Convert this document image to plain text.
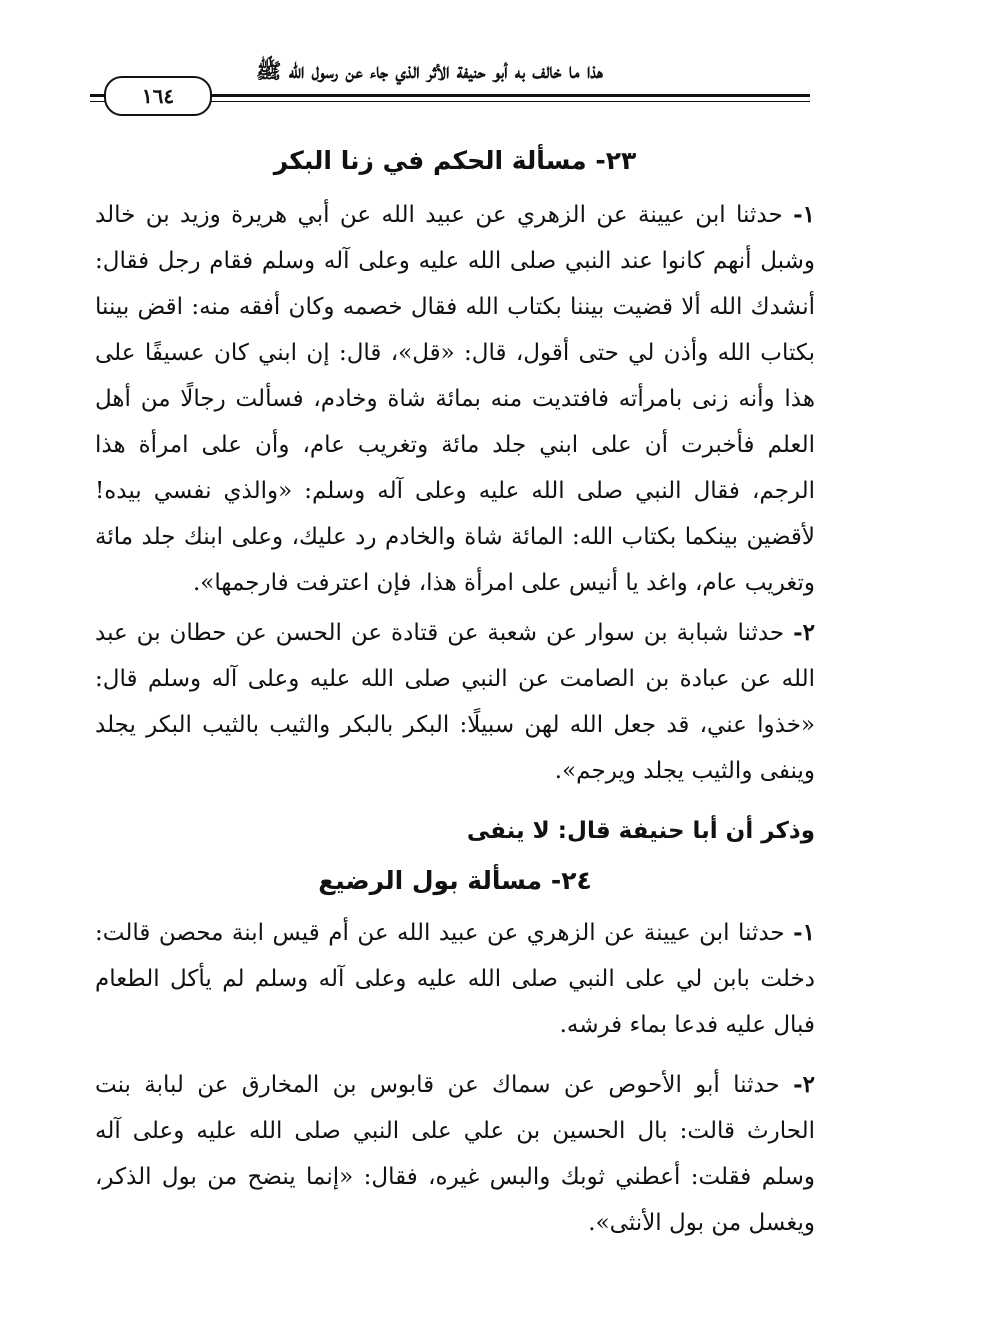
هذا ما خالف به أبو حنيفة الأثر الذي جاء عن رسول الله ﷺ
١٦٤
٢٣- مسألة الحكم في زنا البكر
١- حدثنا ابن عيينة عن الزهري عن عبيد الله عن أبي هريرة وزيد بن خالد وشبل أنهم كانوا عند النبي صلى الله عليه وعلى آله وسلم فقام رجل فقال: أنشدك الله ألا قضيت بيننا بكتاب الله فقال خصمه وكان أفقه منه: اقض بيننا بكتاب الله وأذن لي حتى أقول، قال: «قل»، قال: إن ابني كان عسيفًا على هذا وأنه زنى بامرأته فافتديت منه بمائة شاة وخادم، فسألت رجالًا من أهل العلم فأخبرت أن على ابني جلد مائة وتغريب عام، وأن على امرأة هذا الرجم، فقال النبي صلى الله عليه وعلى آله وسلم: «والذي نفسي بيده! لأقضين بينكما بكتاب الله: المائة شاة والخادم رد عليك، وعلى ابنك جلد مائة وتغريب عام، واغد يا أنيس على امرأة هذا، فإن اعترفت فارجمها».
٢- حدثنا شبابة بن سوار عن شعبة عن قتادة عن الحسن عن حطان بن عبد الله عن عبادة بن الصامت عن النبي صلى الله عليه وعلى آله وسلم قال: «خذوا عني، قد جعل الله لهن سبيلًا: البكر بالبكر والثيب بالثيب البكر يجلد وينفى والثيب يجلد ويرجم».
وذكر أن أبا حنيفة قال: لا ينفى
٢٤- مسألة بول الرضيع
١- حدثنا ابن عيينة عن الزهري عن عبيد الله عن أم قيس ابنة محصن قالت: دخلت بابن لي على النبي صلى الله عليه وعلى آله وسلم لم يأكل الطعام فبال عليه فدعا بماء فرشه.
٢- حدثنا أبو الأحوص عن سماك عن قابوس بن المخارق عن لبابة بنت الحارث قالت: بال الحسين بن علي على النبي صلى الله عليه وعلى آله وسلم فقلت: أعطني ثوبك والبس غيره، فقال: «إنما ينضح من بول الذكر، ويغسل من بول الأنثى».
